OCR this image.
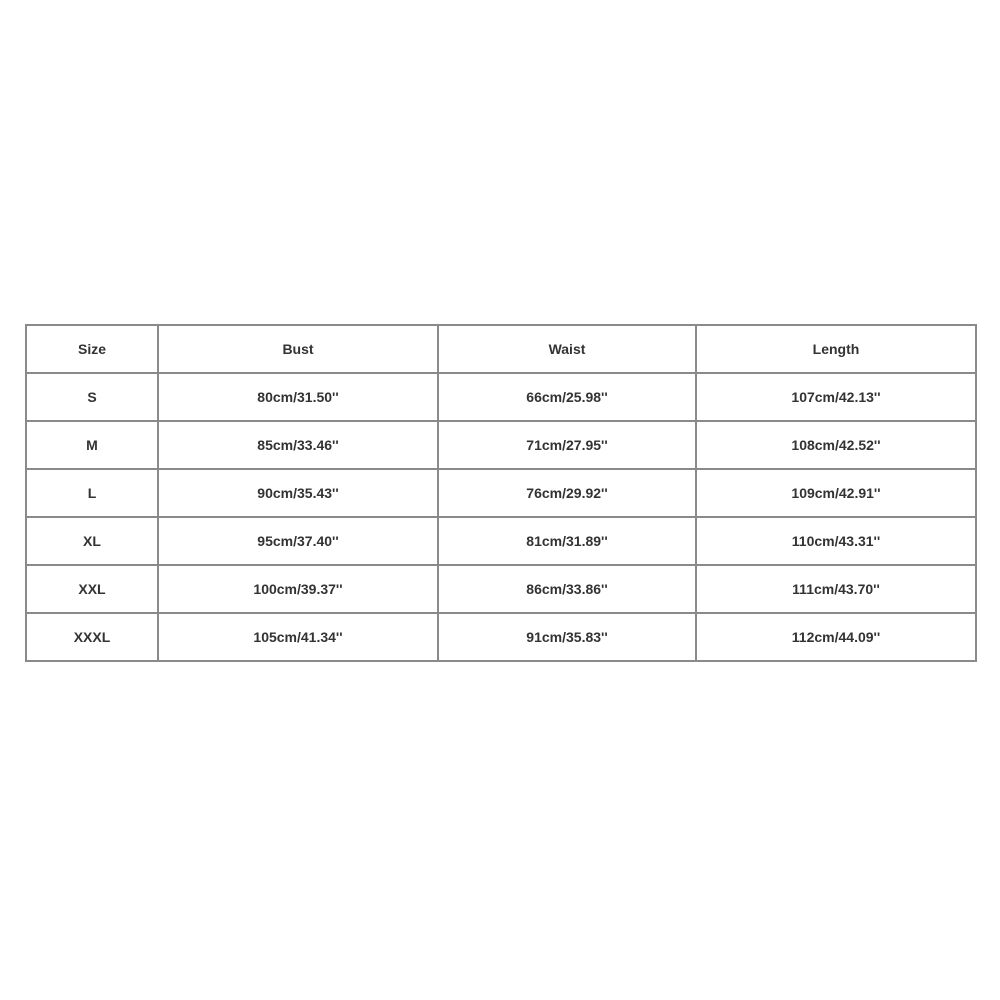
Size	Bust	Waist	Length
S	80cm/31.50''	66cm/25.98''	107cm/42.13''
M	85cm/33.46''	71cm/27.95''	108cm/42.52''
L	90cm/35.43''	76cm/29.92''	109cm/42.91''
XL	95cm/37.40''	81cm/31.89''	110cm/43.31''
XXL	100cm/39.37''	86cm/33.86''	111cm/43.70''
XXXL	105cm/41.34''	91cm/35.83''	112cm/44.09''
